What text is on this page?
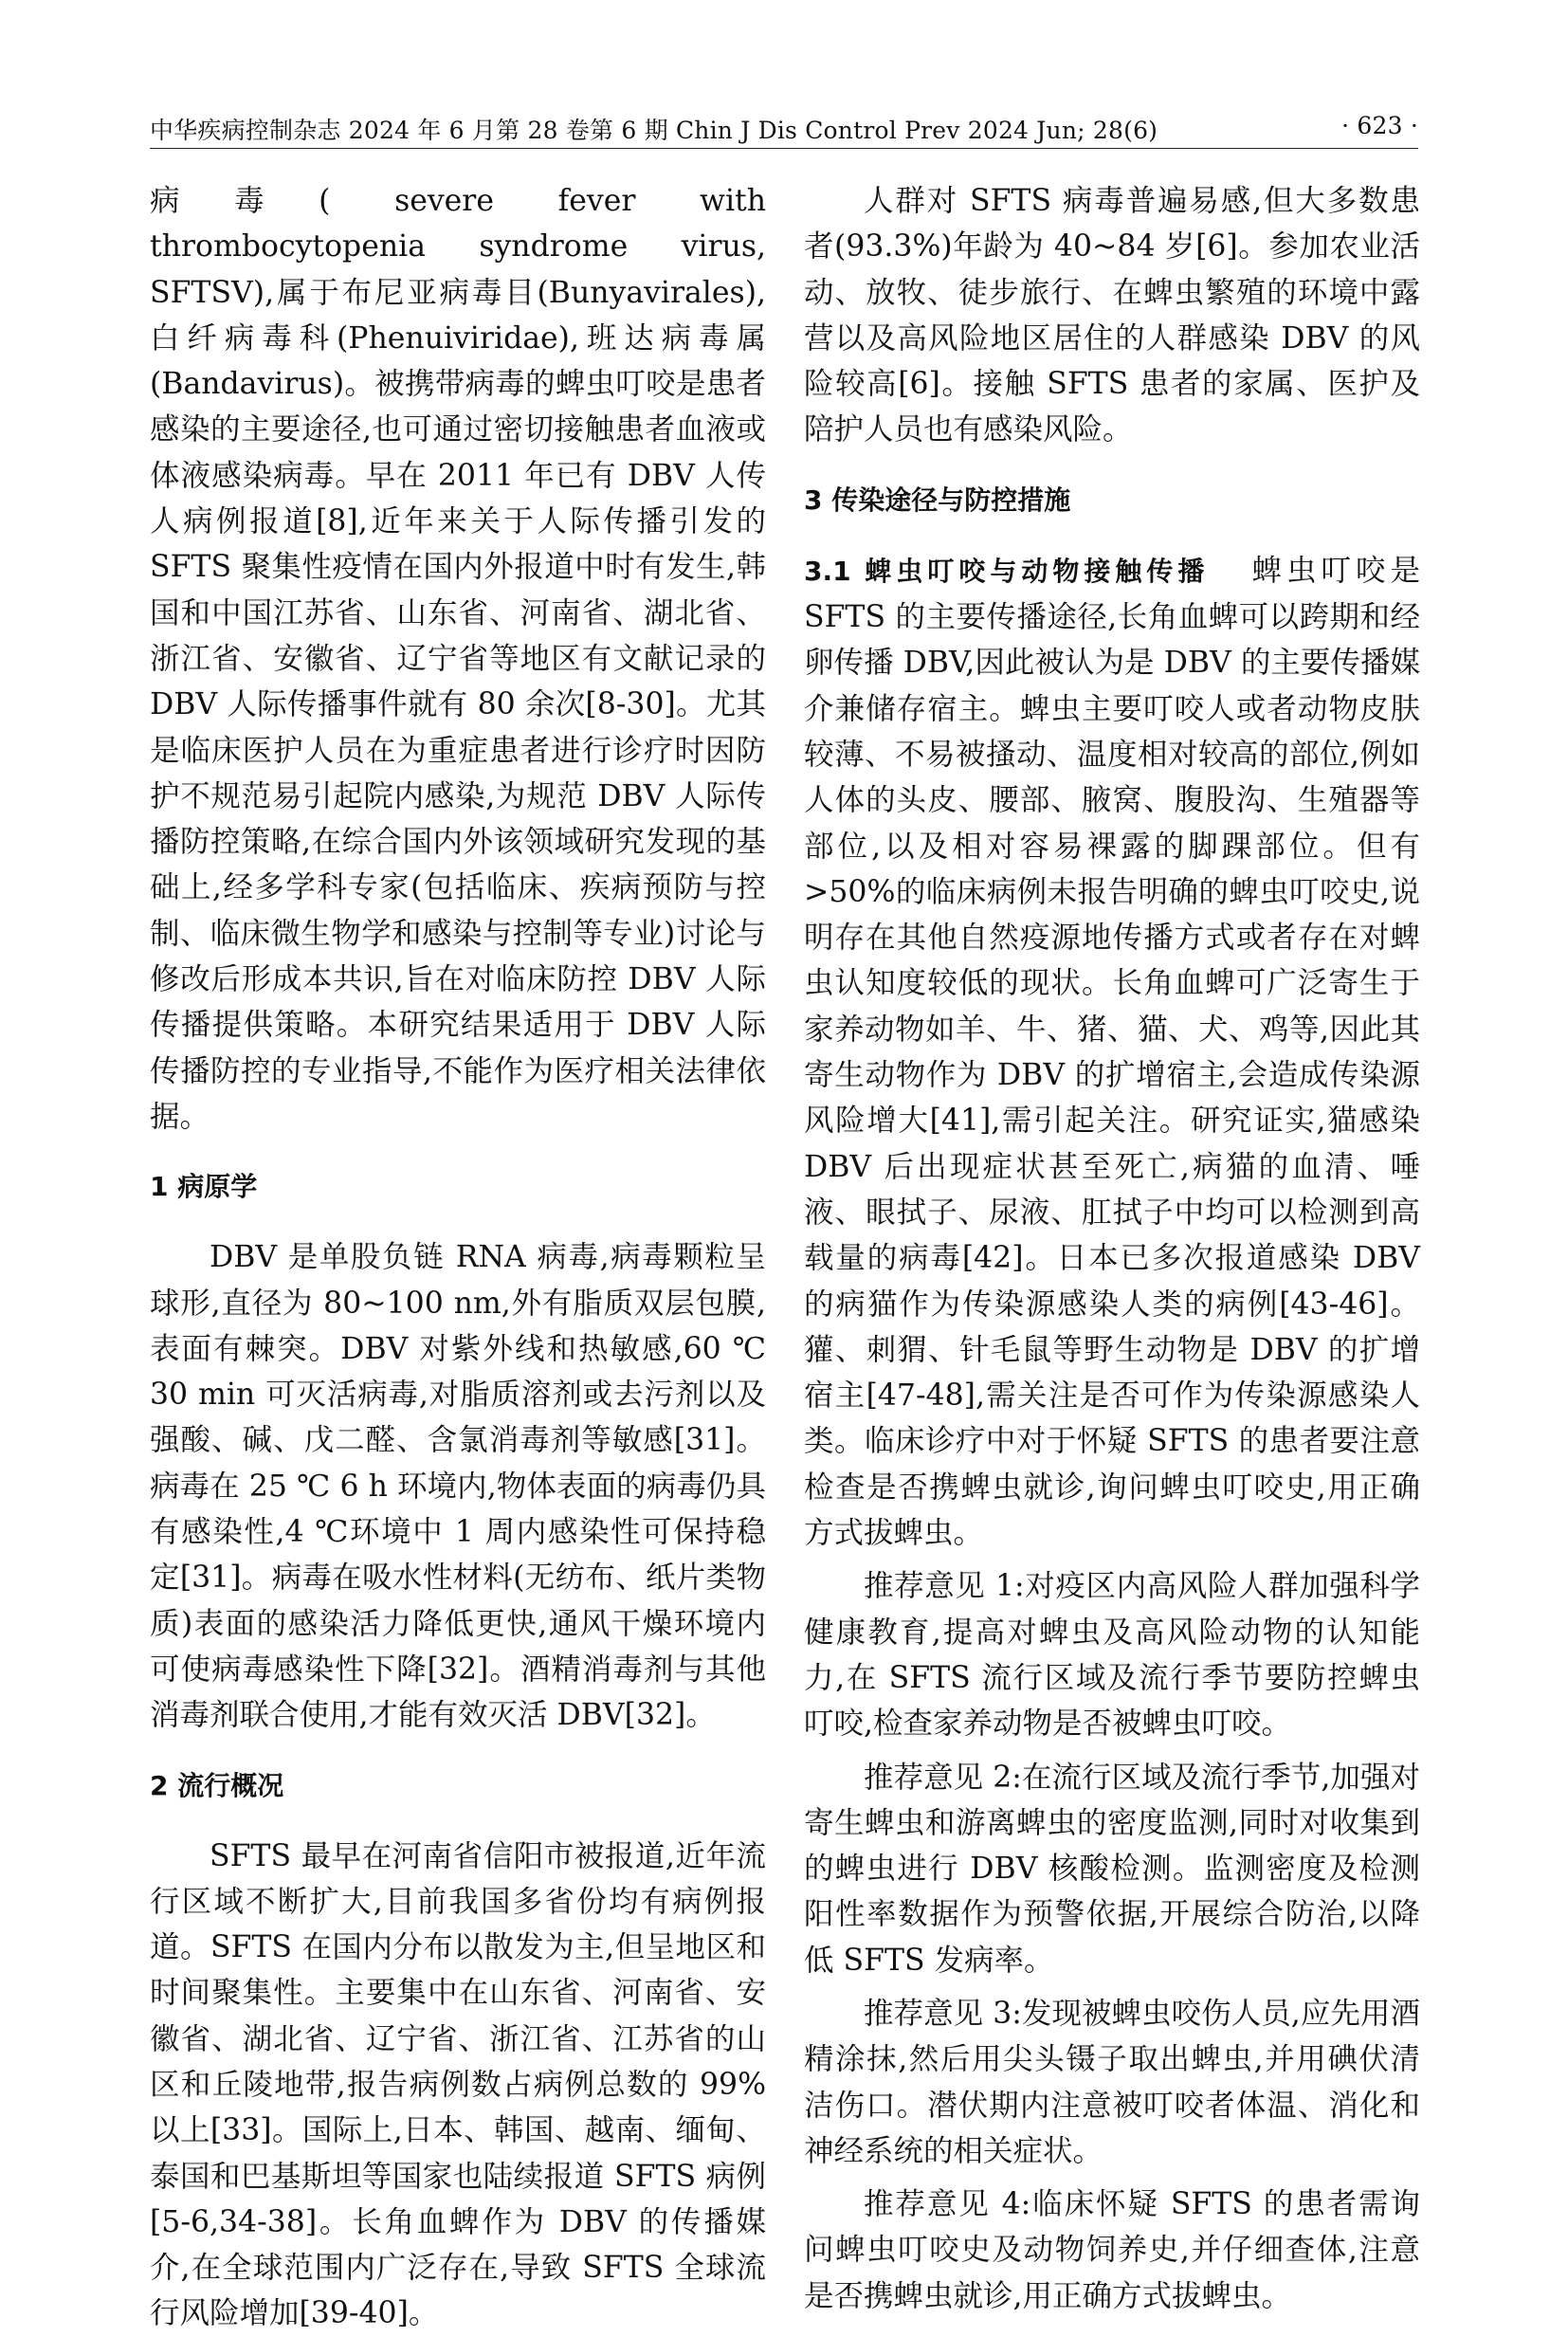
中华疾病控制杂志 2024 年 6 月第 28 卷第 6 期 Chin J Dis Control Prev 2024 Jun; 28(6)	· 623 ·

病毒( severe fever with thrombocytopenia syndrome virus, SFTSV),属于布尼亚病毒目(Bunyavirales),白纤病毒科(Phenuiviridae),班达病毒属(Bandavirus)。被携带病毒的蜱虫叮咬是患者感染的主要途径,也可通过密切接触患者血液或体液感染病毒。早在 2011 年已有 DBV 人传人病例报道[8],近年来关于人际传播引发的 SFTS 聚集性疫情在国内外报道中时有发生,韩国和中国江苏省、山东省、河南省、湖北省、浙江省、安徽省、辽宁省等地区有文献记录的 DBV 人际传播事件就有 80 余次[8-30]。尤其是临床医护人员在为重症患者进行诊疗时因防护不规范易引起院内感染,为规范 DBV 人际传播防控策略,在综合国内外该领域研究发现的基础上,经多学科专家(包括临床、疾病预防与控制、临床微生物学和感染与控制等专业)讨论与修改后形成本共识,旨在对临床防控 DBV 人际传播提供策略。本研究结果适用于 DBV 人际传播防控的专业指导,不能作为医疗相关法律依据。

1 病原学

DBV 是单股负链 RNA 病毒,病毒颗粒呈球形,直径为 80~100 nm,外有脂质双层包膜,表面有棘突。DBV 对紫外线和热敏感,60 ℃ 30 min 可灭活病毒,对脂质溶剂或去污剂以及强酸、碱、戊二醛、含氯消毒剂等敏感[31]。病毒在 25 ℃ 6 h 环境内,物体表面的病毒仍具有感染性,4 ℃环境中 1 周内感染性可保持稳定[31]。病毒在吸水性材料(无纺布、纸片类物质)表面的感染活力降低更快,通风干燥环境内可使病毒感染性下降[32]。酒精消毒剂与其他消毒剂联合使用,才能有效灭活 DBV[32]。

2 流行概况

SFTS 最早在河南省信阳市被报道,近年流行区域不断扩大,目前我国多省份均有病例报道。SFTS 在国内分布以散发为主,但呈地区和时间聚集性。主要集中在山东省、河南省、安徽省、湖北省、辽宁省、浙江省、江苏省的山区和丘陵地带,报告病例数占病例总数的 99%以上[33]。国际上,日本、韩国、越南、缅甸、泰国和巴基斯坦等国家也陆续报道 SFTS 病例[5-6,34-38]。长角血蜱作为 DBV 的传播媒介,在全球范围内广泛存在,导致 SFTS 全球流行风险增加[39-40]。

人群对 SFTS 病毒普遍易感,但大多数患者(93.3%)年龄为 40~84 岁[6]。参加农业活动、放牧、徒步旅行、在蜱虫繁殖的环境中露营以及高风险地区居住的人群感染 DBV 的风险较高[6]。接触 SFTS 患者的家属、医护及陪护人员也有感染风险。

3 传染途径与防控措施

3.1 蜱虫叮咬与动物接触传播 蜱虫叮咬是 SFTS 的主要传播途径,长角血蜱可以跨期和经卵传播 DBV,因此被认为是 DBV 的主要传播媒介兼储存宿主。蜱虫主要叮咬人或者动物皮肤较薄、不易被搔动、温度相对较高的部位,例如人体的头皮、腰部、腋窝、腹股沟、生殖器等部位,以及相对容易裸露的脚踝部位。但有>50%的临床病例未报告明确的蜱虫叮咬史,说明存在其他自然疫源地传播方式或者存在对蜱虫认知度较低的现状。长角血蜱可广泛寄生于家养动物如羊、牛、猪、猫、犬、鸡等,因此其寄生动物作为 DBV 的扩增宿主,会造成传染源风险增大[41],需引起关注。研究证实,猫感染 DBV 后出现症状甚至死亡,病猫的血清、唾液、眼拭子、尿液、肛拭子中均可以检测到高载量的病毒[42]。日本已多次报道感染 DBV 的病猫作为传染源感染人类的病例[43-46]。獾、刺猬、针毛鼠等野生动物是 DBV 的扩增宿主[47-48],需关注是否可作为传染源感染人类。临床诊疗中对于怀疑 SFTS 的患者要注意检查是否携蜱虫就诊,询问蜱虫叮咬史,用正确方式拔蜱虫。

推荐意见 1:对疫区内高风险人群加强科学健康教育,提高对蜱虫及高风险动物的认知能力,在 SFTS 流行区域及流行季节要防控蜱虫叮咬,检查家养动物是否被蜱虫叮咬。

推荐意见 2:在流行区域及流行季节,加强对寄生蜱虫和游离蜱虫的密度监测,同时对收集到的蜱虫进行 DBV 核酸检测。监测密度及检测阳性率数据作为预警依据,开展综合防治,以降低 SFTS 发病率。

推荐意见 3:发现被蜱虫咬伤人员,应先用酒精涂抹,然后用尖头镊子取出蜱虫,并用碘伏清洁伤口。潜伏期内注意被叮咬者体温、消化和神经系统的相关症状。

推荐意见 4:临床怀疑 SFTS 的患者需询问蜱虫叮咬史及动物饲养史,并仔细查体,注意是否携蜱虫就诊,用正确方式拔蜱虫。
